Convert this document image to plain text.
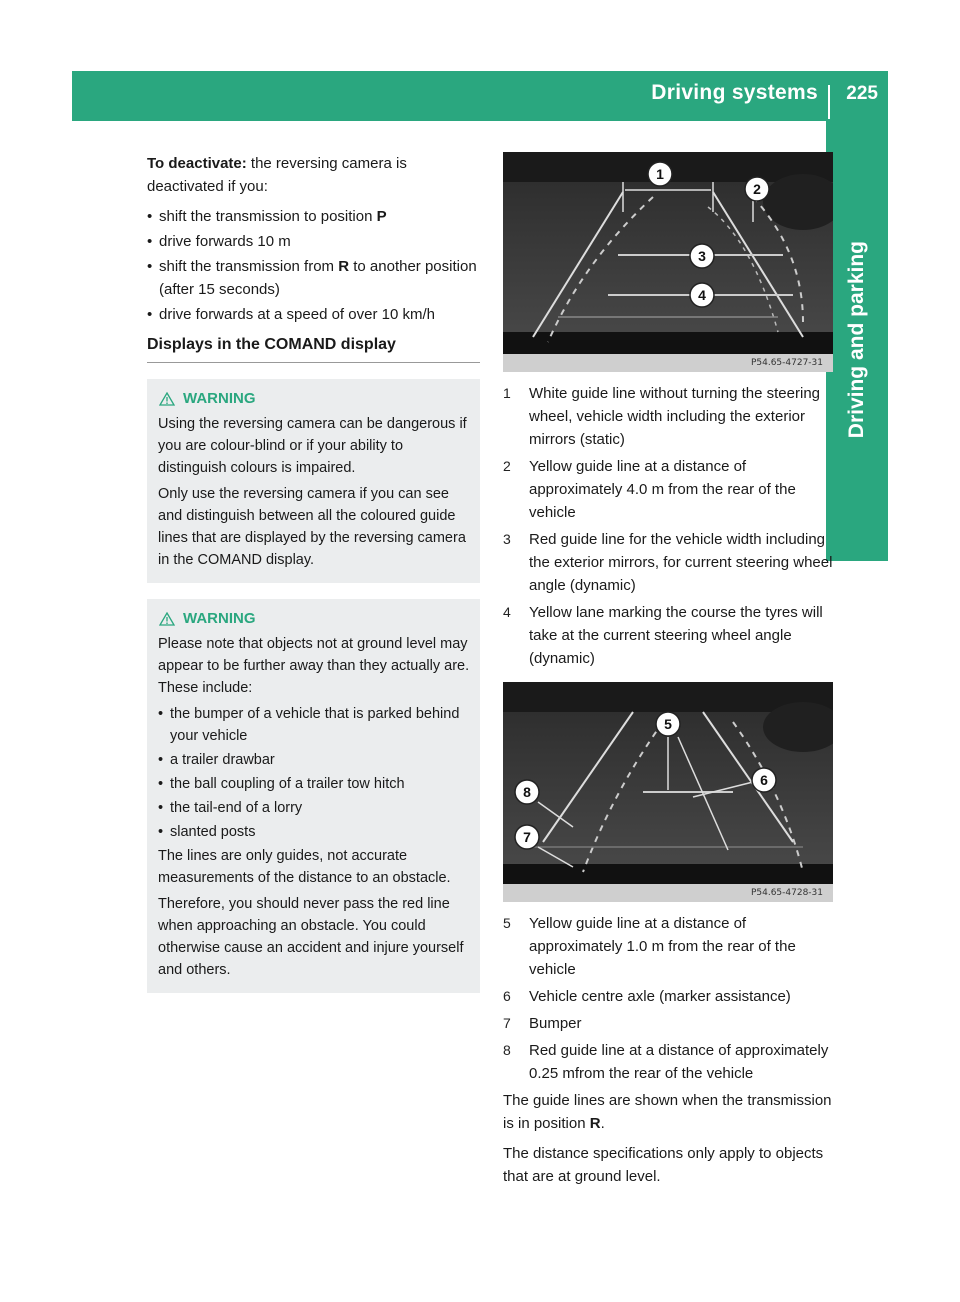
Driving systems 225
Driving and parking

To deactivate: the reversing camera is deactivated if you:

• shift the transmission to position P
• drive forwards 10 m
• shift the transmission from R to another position (after 15 seconds)
• drive forwards at a speed of over 10 km/h
Displays in the COMAND display
WARNING

Using the reversing camera can be dangerous if you are colour-blind or if your ability to distinguish colours is impaired.

Only use the reversing camera if you can see and distinguish between all the coloured guide lines that are displayed by the reversing camera in the COMAND display.

WARNING

Please note that objects not at ground level may appear to be further away than they actually are. These include:

• the bumper of a vehicle that is parked behind your vehicle
• a trailer drawbar
• the ball coupling of a trailer tow hitch
• the tail-end of a lorry
• slanted posts

The lines are only guides, not accurate measurements of the distance to an obstacle.

Therefore, you should never pass the red line when approaching an obstacle. You could otherwise cause an accident and injure yourself and others.

1
2
3
4
P54.65-4727-31
1	White guide line without turning the steering wheel, vehicle width including the exterior mirrors (static)
2	Yellow guide line at a distance of approximately 4.0 m from the rear of the vehicle
3	Red guide line for the vehicle width including the exterior mirrors, for current steering wheel angle (dynamic)
4	Yellow lane marking the course the tyres will take at the current steering wheel angle (dynamic)
5
6
7
8
P54.65-4728-31
5	Yellow guide line at a distance of approximately 1.0 m from the rear of the vehicle
6	Vehicle centre axle (marker assistance)
7	Bumper
8	Red guide line at a distance of approximately 0.25 mfrom the rear of the vehicle

The guide lines are shown when the transmission is in position R.

The distance specifications only apply to objects that are at ground level.
